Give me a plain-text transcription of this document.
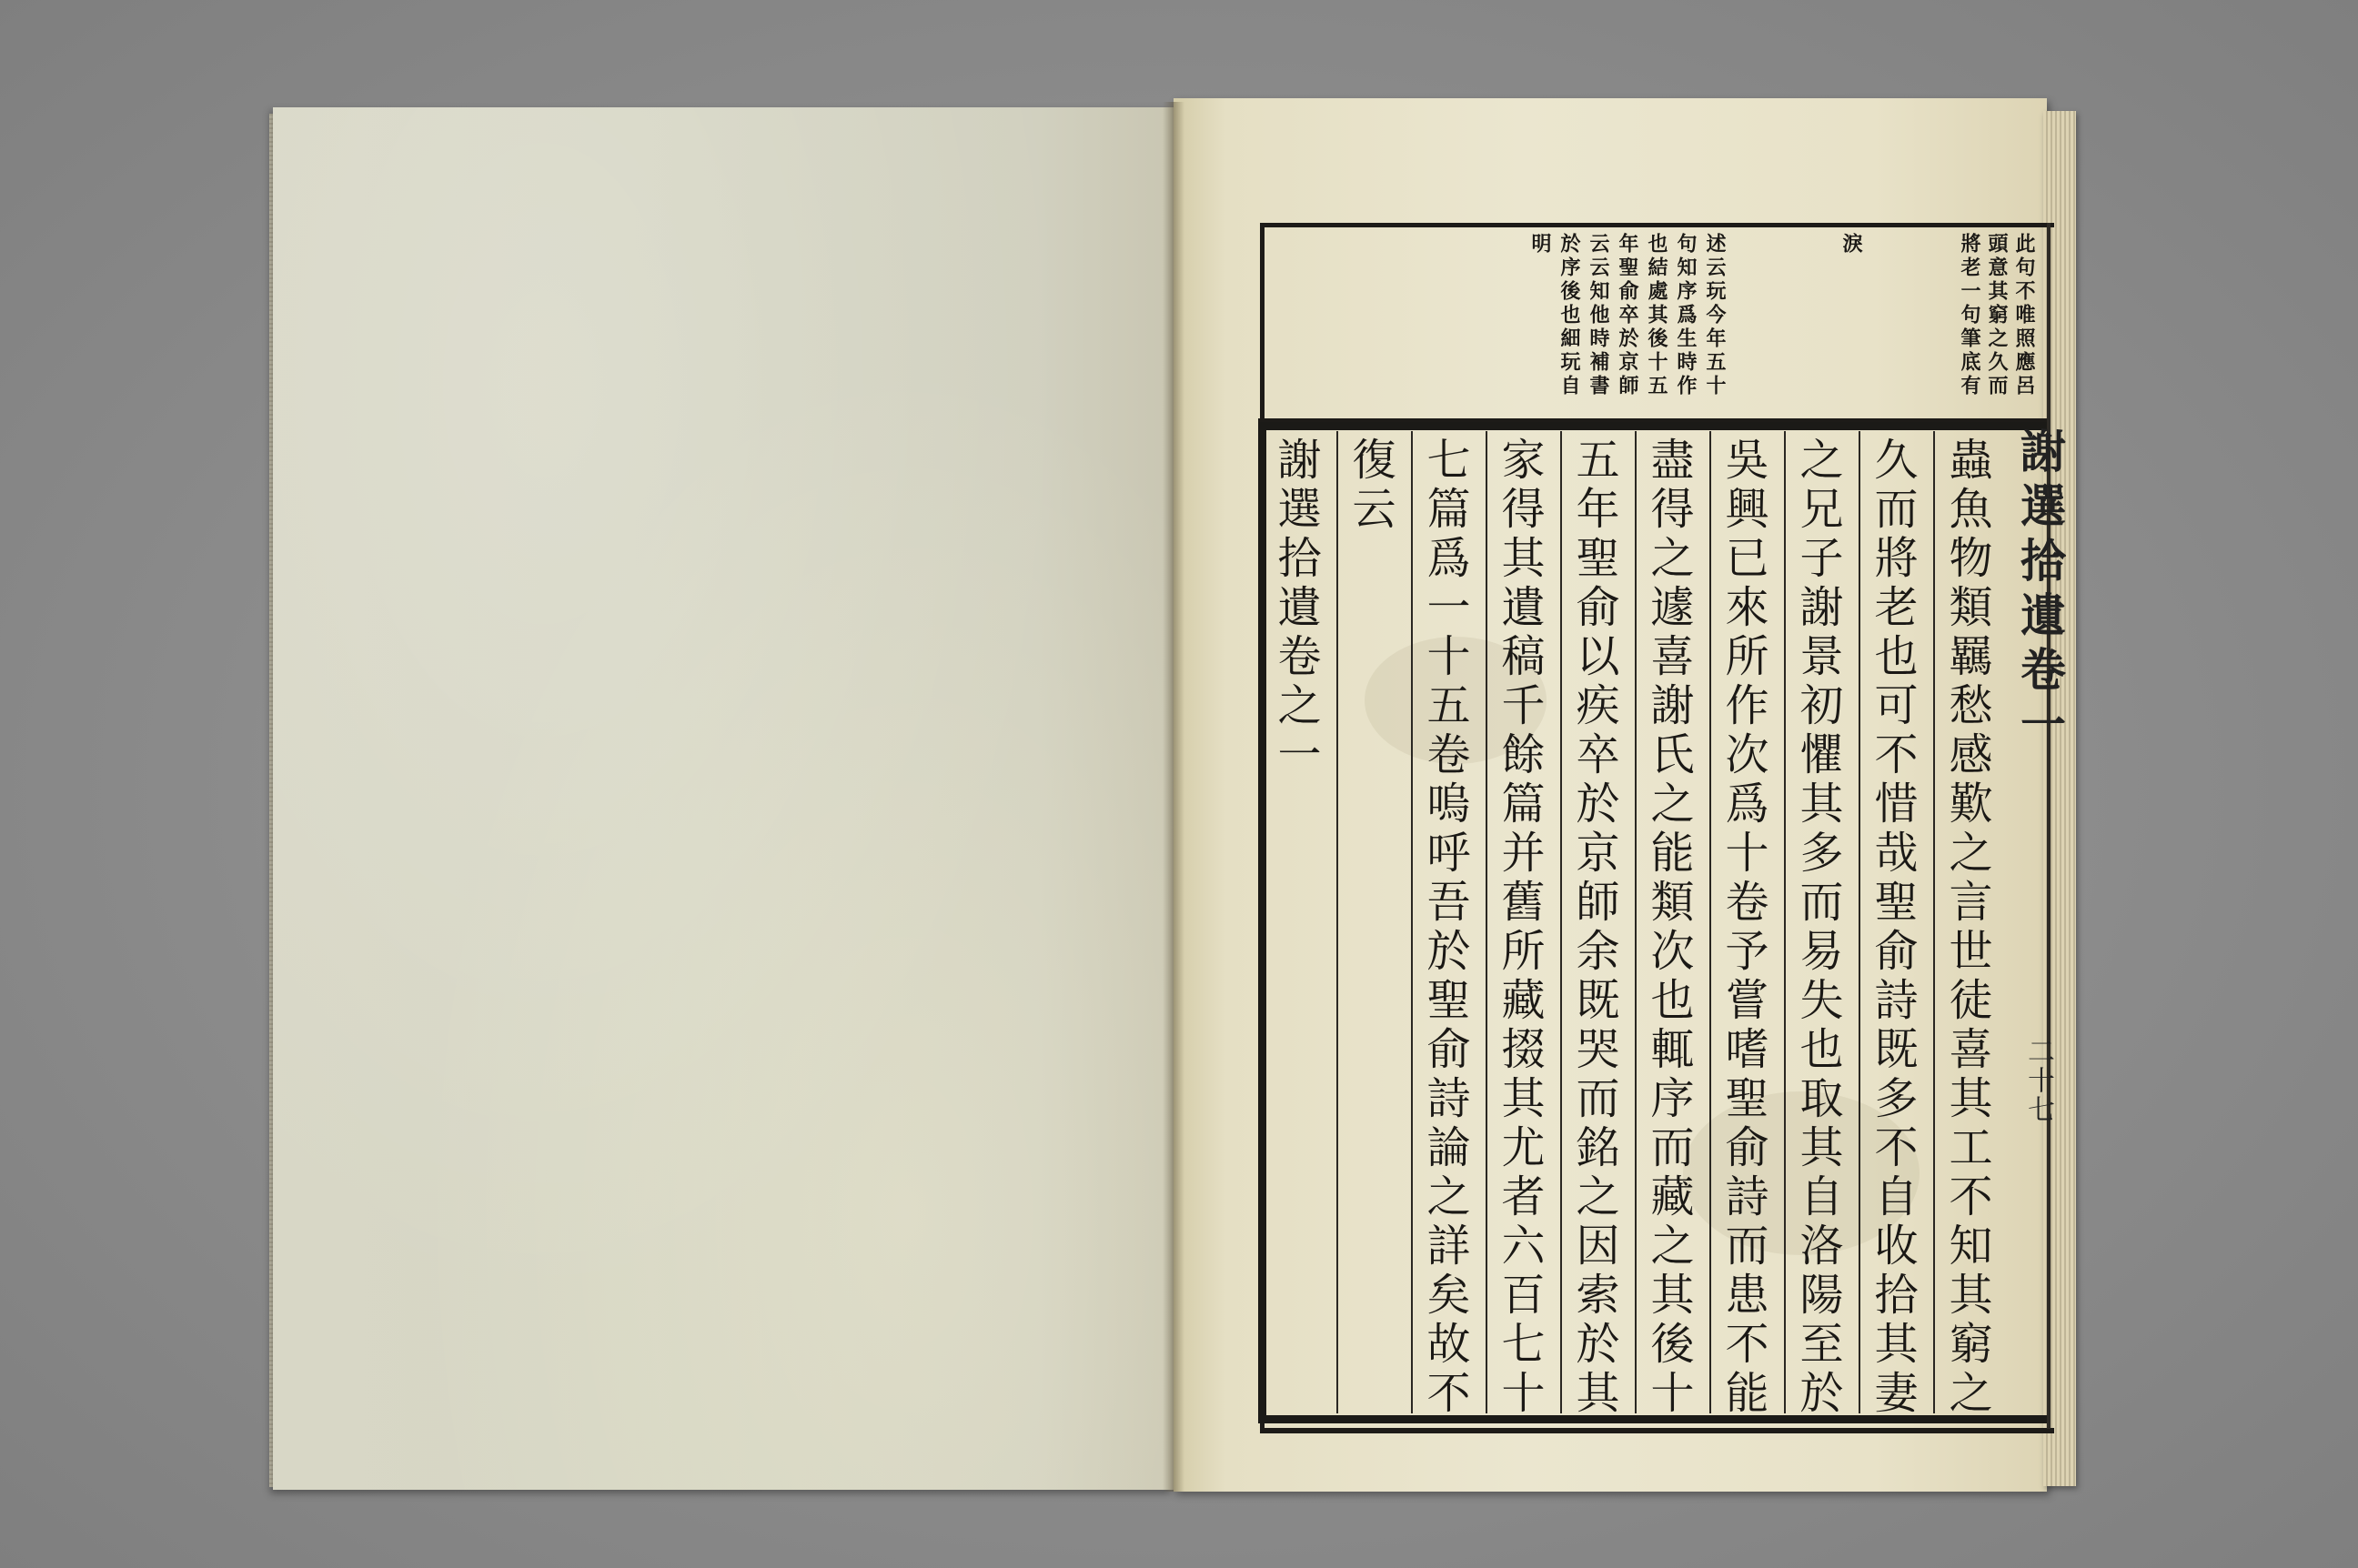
此句不唯照應呂
頭意其窮之久而
將老一句筆底有
淚
述云玩今年五十
句知序爲生時作
也結處其後十五
年聖俞卒於京師
云云知他時補書
於序後也細玩自
明
蟲魚物類羈愁感歎之言世徒喜其工不知其窮之
久而將老也可不惜哉聖俞詩既多不自收拾其妻
之兄子謝景初懼其多而易失也取其自洛陽至於
吳興已來所作次爲十卷予嘗嗜聖俞詩而患不能
盡得之遽喜謝氏之能類次也輒序而藏之其後十
五年聖俞以疾卒於京師余既哭而銘之因索於其
家得其遺稿千餘篇并舊所藏掇其尤者六百七十
七篇爲一十五卷嗚呼吾於聖俞詩論之詳矣故不
復云
謝選拾遺卷之一	謝選拾遺卷一
二十七
